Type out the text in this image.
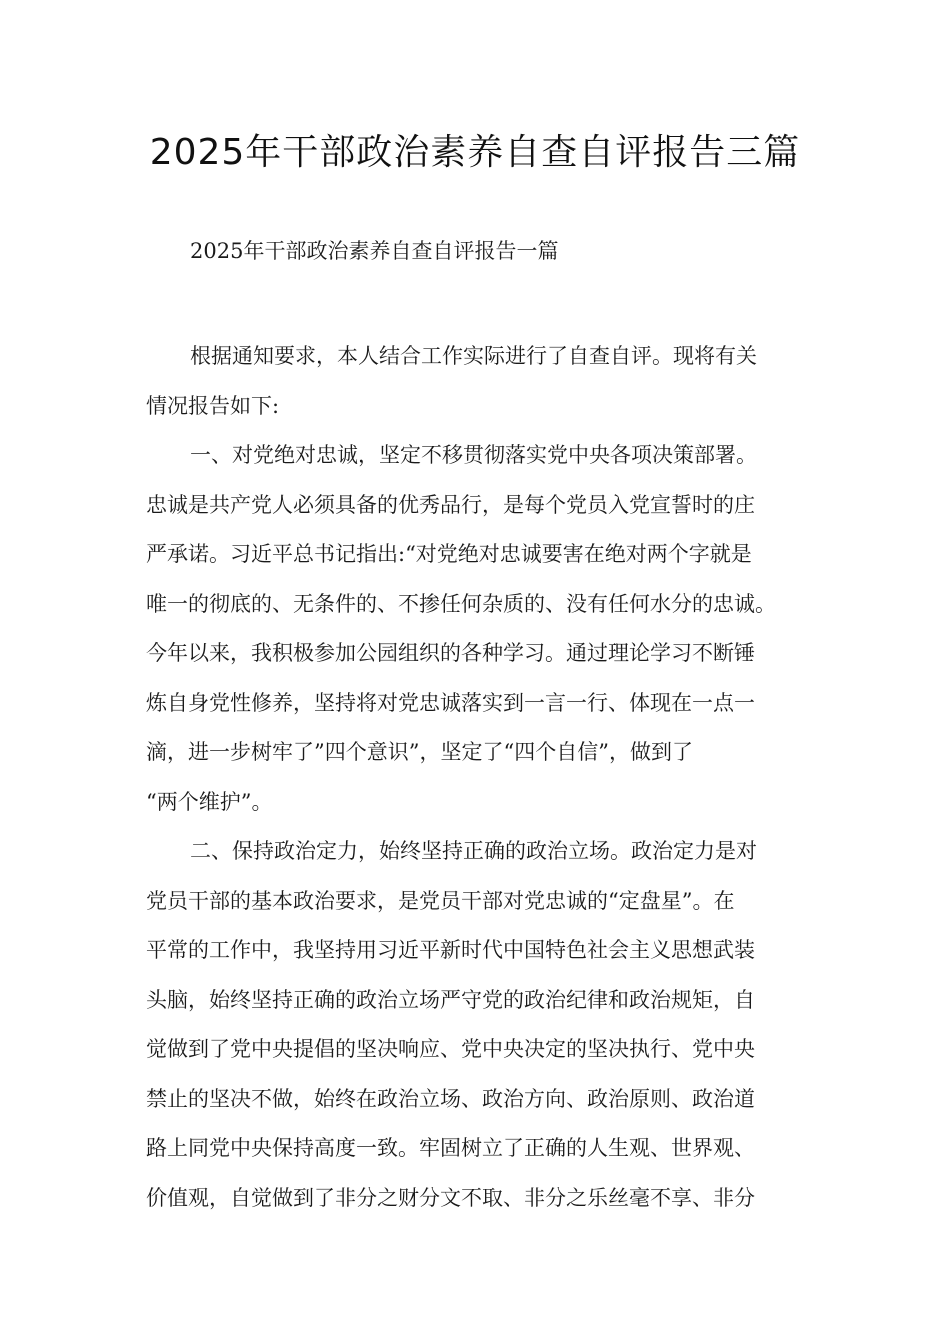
2025年干部政治素养自查自评报告三篇
2025年干部政治素养自查自评报告一篇
根据通知要求，本人结合工作实际进行了自查自评。现将有关
情况报告如下:
一、对党绝对忠诚，坚定不移贯彻落实党中央各项决策部署。
忠诚是共产党人必须具备的优秀品行，是每个党员入党宣誓时的庄
严承诺。习近平总书记指出:“对党绝对忠诚要害在绝对两个字就是
唯一的彻底的、无条件的、不掺任何杂质的、没有任何水分的忠诚。
今年以来，我积极参加公园组织的各种学习。通过理论学习不断锤
炼自身党性修养，坚持将对党忠诚落实到一言一行、体现在一点一
滴，进一步树牢了”四个意识”，坚定了“四个自信”，做到了
“两个维护”。
二、保持政治定力，始终坚持正确的政治立场。政治定力是对
党员干部的基本政治要求，是党员干部对党忠诚的“定盘星”。在
平常的工作中，我坚持用习近平新时代中国特色社会主义思想武装
头脑，始终坚持正确的政治立场严守党的政治纪律和政治规矩，自
觉做到了党中央提倡的坚决响应、党中央决定的坚决执行、党中央
禁止的坚决不做，始终在政治立场、政治方向、政治原则、政治道
路上同党中央保持高度一致。牢固树立了正确的人生观、世界观、
价值观，自觉做到了非分之财分文不取、非分之乐丝毫不享、非分
